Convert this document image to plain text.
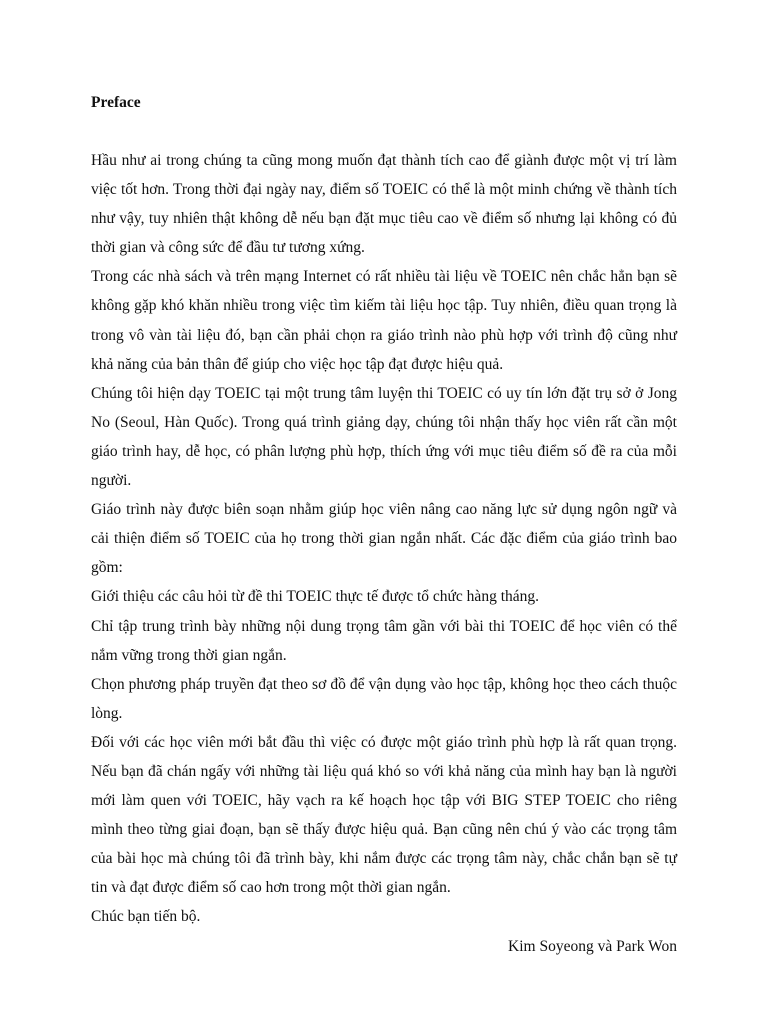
Preface

Hầu như ai trong chúng ta cũng mong muốn đạt thành tích cao để giành được một vị trí làm việc tốt hơn. Trong thời đại ngày nay, điểm số TOEIC có thể là một minh chứng về thành tích như vậy, tuy nhiên thật không dễ nếu bạn đặt mục tiêu cao về điểm số nhưng lại không có đủ thời gian và công sức để đầu tư tương xứng.

Trong các nhà sách và trên mạng Internet có rất nhiều tài liệu về TOEIC nên chắc hẳn bạn sẽ không gặp khó khăn nhiều trong việc tìm kiếm tài liệu học tập. Tuy nhiên, điều quan trọng là trong vô vàn tài liệu đó, bạn cần phải chọn ra giáo trình nào phù hợp với trình độ cũng như khả năng của bản thân để giúp cho việc học tập đạt được hiệu quả.

Chúng tôi hiện dạy TOEIC tại một trung tâm luyện thi TOEIC có uy tín lớn đặt trụ sở ở Jong No (Seoul, Hàn Quốc). Trong quá trình giảng dạy, chúng tôi nhận thấy học viên rất cần một giáo trình hay, dễ học, có phân lượng phù hợp, thích ứng với mục tiêu điểm số đề ra của mỗi người.

Giáo trình này được biên soạn nhằm giúp học viên nâng cao năng lực sử dụng ngôn ngữ và cải thiện điểm số TOEIC của họ trong thời gian ngắn nhất. Các đặc điểm của giáo trình bao gồm:

Giới thiệu các câu hỏi từ đề thi TOEIC thực tế được tổ chức hàng tháng.

Chỉ tập trung trình bày những nội dung trọng tâm gần với bài thi TOEIC để học viên có thể nắm vững trong thời gian ngắn.

Chọn phương pháp truyền đạt theo sơ đồ để vận dụng vào học tập, không học theo cách thuộc lòng.

Đối với các học viên mới bắt đầu thì việc có được một giáo trình phù hợp là rất quan trọng. Nếu bạn đã chán ngấy với những tài liệu quá khó so với khả năng của mình hay bạn là người mới làm quen với TOEIC, hãy vạch ra kế hoạch học tập với BIG STEP TOEIC cho riêng mình theo từng giai đoạn, bạn sẽ thấy được hiệu quả. Bạn cũng nên chú ý vào các trọng tâm của bài học mà chúng tôi đã trình bày, khi nắm được các trọng tâm này, chắc chắn bạn sẽ tự tin và đạt được điểm số cao hơn trong một thời gian ngắn.

Chúc bạn tiến bộ.

Kim Soyeong và Park Won
